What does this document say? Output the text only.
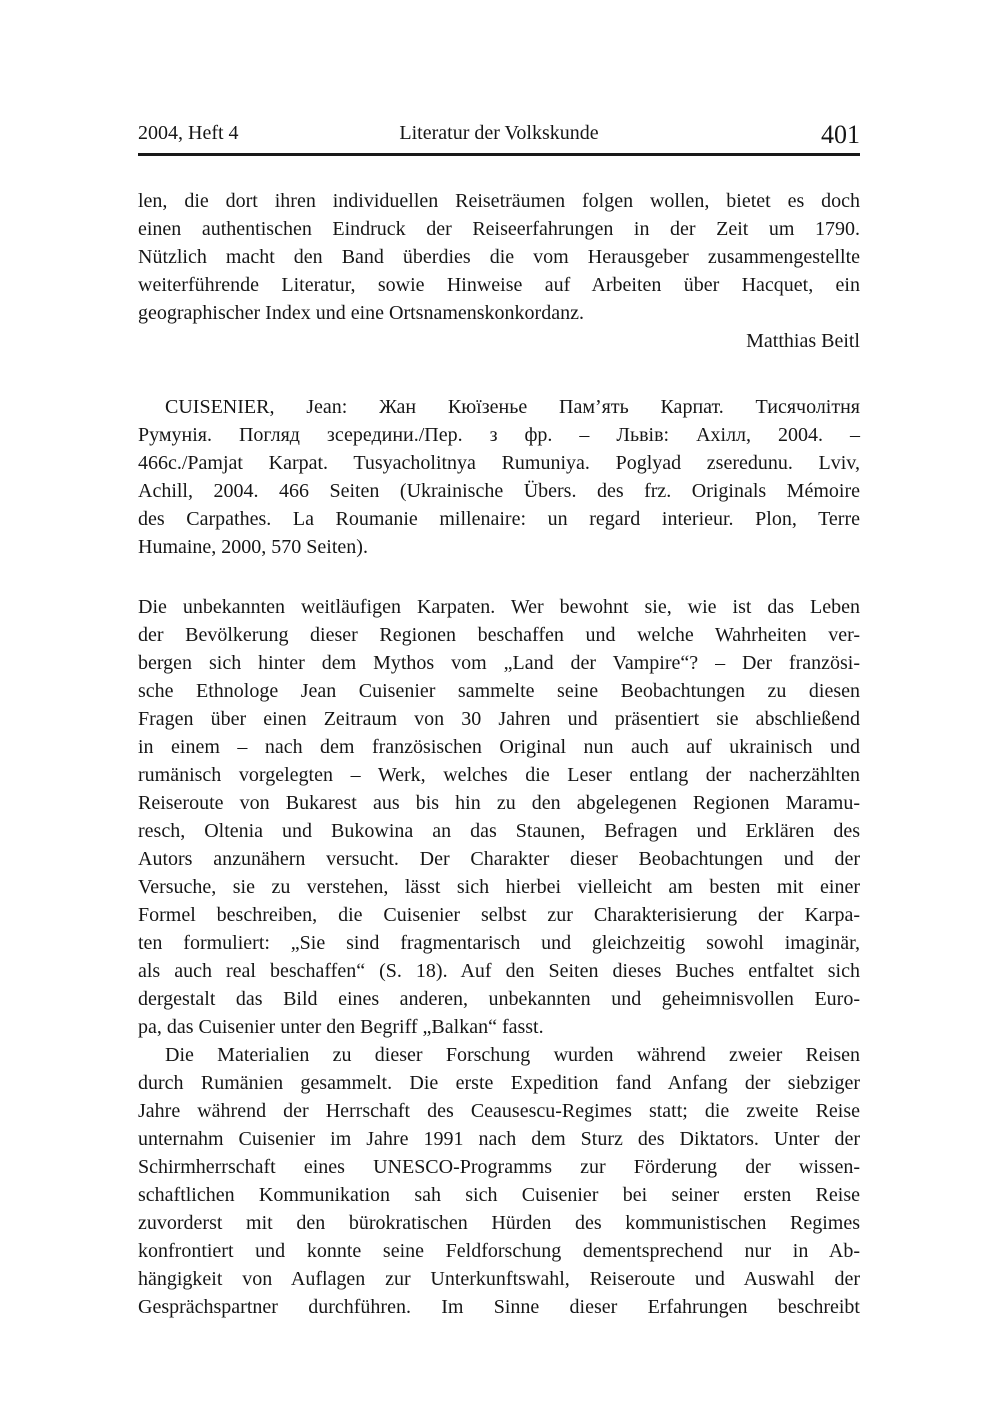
2004, Heft 4	Literatur der Volkskunde	401
len, die dort ihren individuellen Reiseträumen folgen wollen, bietet es doch
einen authentischen Eindruck der Reiseerfahrungen in der Zeit um 1790.
Nützlich macht den Band überdies die vom Herausgeber zusammengestellte
weiterführende Literatur, sowie Hinweise auf Arbeiten über Hacquet, ein
geographischer Index und eine Ortsnamenskonkordanz.
Matthias Beitl
CUISENIER, Jean: Жан Кюїзенье Пам’ять Карпат. Тисячолітня
Румунія. Погляд зсередини./Пер. з фр. – Львів: Ахілл, 2004. –
466с./Pamjat Karpat. Tusyacholitnya Rumuniya. Poglyad zseredunu. Lviv,
Achill, 2004. 466 Seiten (Ukrainische Übers. des frz. Originals Mémoire
des Carpathes. La Roumanie millenaire: un regard interieur. Plon, Terre
Humaine, 2000, 570 Seiten).
Die unbekannten weitläufigen Karpaten. Wer bewohnt sie, wie ist das Leben
der Bevölkerung dieser Regionen beschaffen und welche Wahrheiten ver-
bergen sich hinter dem Mythos vom „Land der Vampire“? – Der französi-
sche Ethnologe Jean Cuisenier sammelte seine Beobachtungen zu diesen
Fragen über einen Zeitraum von 30 Jahren und präsentiert sie abschließend
in einem – nach dem französischen Original nun auch auf ukrainisch und
rumänisch vorgelegten – Werk, welches die Leser entlang der nacherzählten
Reiseroute von Bukarest aus bis hin zu den abgelegenen Regionen Maramu-
resch, Oltenia und Bukowina an das Staunen, Befragen und Erklären des
Autors anzunähern versucht. Der Charakter dieser Beobachtungen und der
Versuche, sie zu verstehen, lässt sich hierbei vielleicht am besten mit einer
Formel beschreiben, die Cuisenier selbst zur Charakterisierung der Karpa-
ten formuliert: „Sie sind fragmentarisch und gleichzeitig sowohl imaginär,
als auch real beschaffen“ (S. 18). Auf den Seiten dieses Buches entfaltet sich
dergestalt das Bild eines anderen, unbekannten und geheimnisvollen Euro-
pa, das Cuisenier unter den Begriff „Balkan“ fasst.
Die Materialien zu dieser Forschung wurden während zweier Reisen
durch Rumänien gesammelt. Die erste Expedition fand Anfang der siebziger
Jahre während der Herrschaft des Ceausescu-Regimes statt; die zweite Reise
unternahm Cuisenier im Jahre 1991 nach dem Sturz des Diktators. Unter der
Schirmherrschaft eines UNESCO-Programms zur Förderung der wissen-
schaftlichen Kommunikation sah sich Cuisenier bei seiner ersten Reise
zuvorderst mit den bürokratischen Hürden des kommunistischen Regimes
konfrontiert und konnte seine Feldforschung dementsprechend nur in Ab-
hängigkeit von Auflagen zur Unterkunftswahl, Reiseroute und Auswahl der
Gesprächspartner durchführen. Im Sinne dieser Erfahrungen beschreibt
